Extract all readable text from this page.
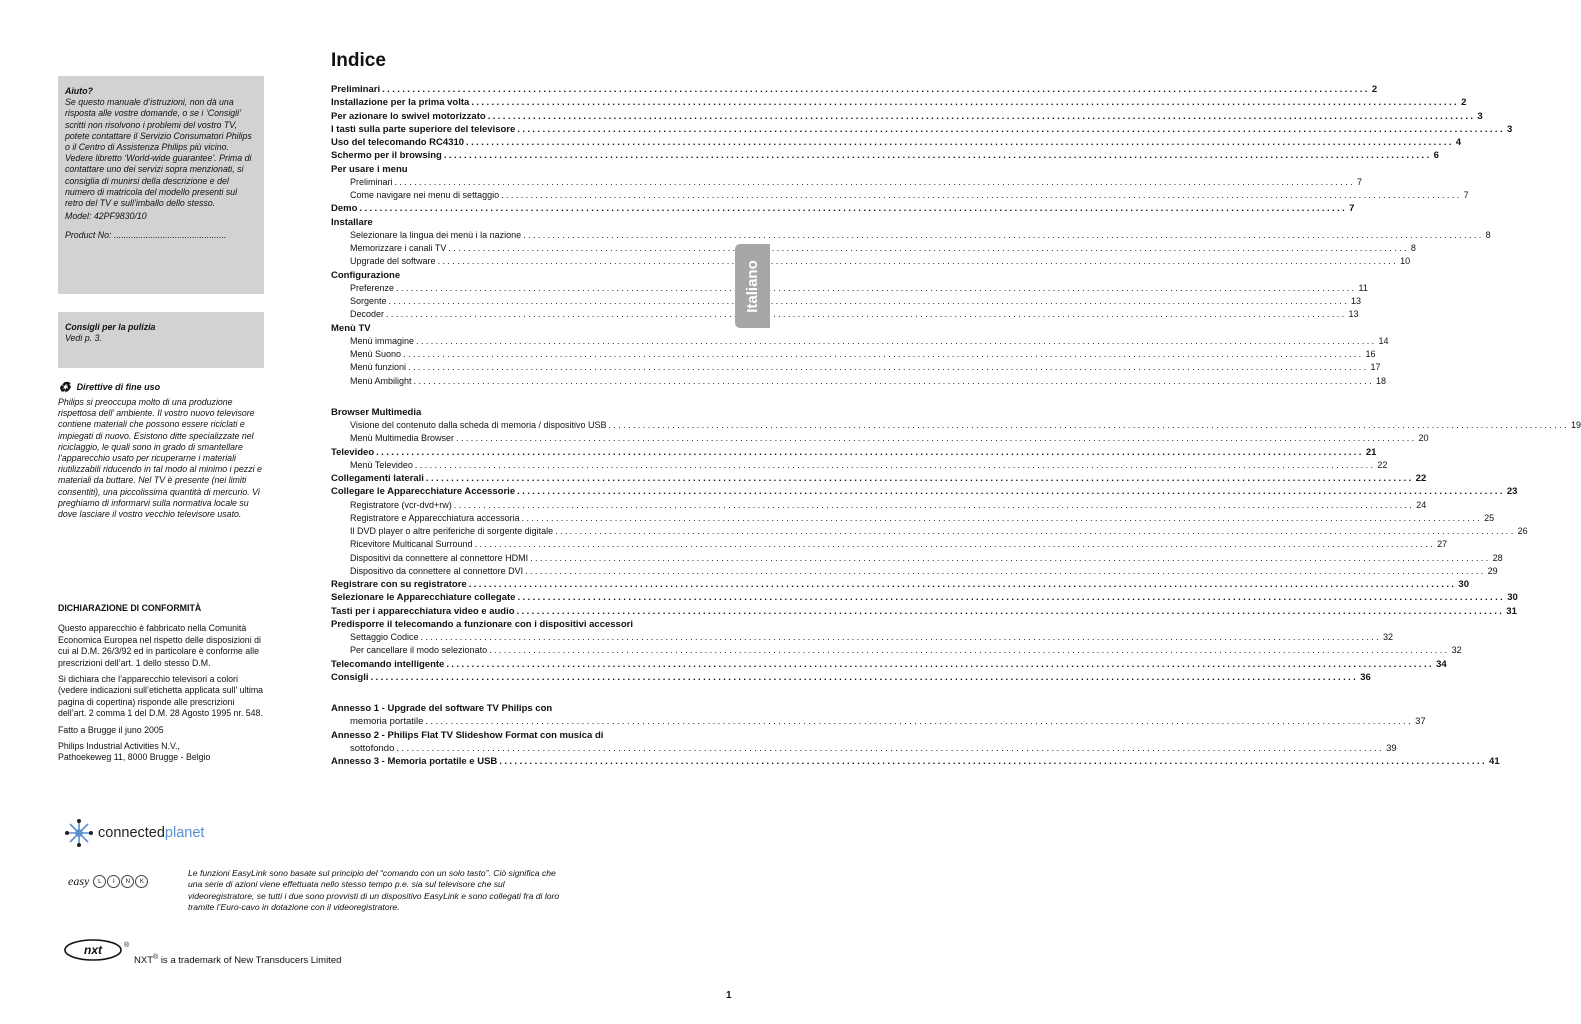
Aiuto?
Se questo manuale d’istruzioni, non dà una risposta alle vostre domande, o se i ‘Consigli’ scritti non risolvono i problemi del vostro TV, potete contattare il Servizio Consumatori Philips o il Centro di Assistenza Philips più vicino. Vedere libretto ‘World-wide guarantee’. Prima di contattare uno dei servizi sopra menzionati, si consiglia di munirsi della descrizione e del numero di matricola del modello presenti sul retro del TV e sull’imballo dello stesso.
Model: 42PF9830/10
Product No: ..............................................
Consigli per la pulizia
Vedi p. 3.
♻ Direttive di fine uso
Philips si preoccupa molto di una produzione rispettosa dell’ ambiente. Il vostro nuovo televisore contiene materiali che possono essere riciclati e impiegati di nuovo. Esistono ditte specializzate nel riciclaggio, le quali sono in grado di smantellare l’apparecchio usato per ricuperarne i materiali riutilizzabili riducendo in tal modo al minimo i pezzi e materiali da buttare. Nel TV è presente (nei limiti consentiti), una piccolissima quantità di mercurio. Vi preghiamo di informarvi sulla normativa locale su dove lasciare il vostro vecchio televisore usato.

DICHIARAZIONE DI CONFORMITÀ

Questo apparecchio è fabbricato nella Comunità Economica Europea nel rispetto delle disposizioni di cui al D.M. 26/3/92 ed in particolare è conforme alle prescrizioni dell’art. 1 dello stesso D.M.

Si dichiara che l’apparecchio televisori a colori (vedere indicazioni sull’etichetta applicata sull’ ultima pagina di copertina) risponde alle prescrizioni dell’art. 2 comma 1 del D.M. 28 Agosto 1995 nr. 548.

Fatto a Brugge il juno 2005

Philips Industrial Activities N.V.,

Pathoekeweg 11, 8000 Brugge - Belgio

Indice
Preliminari .....	2
Installazione per la prima volta .....	2
Per azionare lo swivel motorizzato .....	3
I tasti sulla parte superiore del televisore .....	3
Uso del telecomando RC4310 .....	4
Schermo per il browsing .....	6
Per usare i menu
Preliminari .....	7
Come navigare nei menu di settaggio .....	7
Demo .....	7
Installare
Selezionare la lingua dei menù i la nazione .....	8
Memorizzare i canali TV .....	8
Upgrade del software .....	10
Configurazione
Preferenze .....	11
Sorgente .....	13
Decoder .....	13
Menù TV
Menù immagine .....	14
Menù Suono .....	16
Menù funzioni .....	17
Menù Ambilight .....	18
Browser Multimedia
Visione del contenuto dalla scheda di memoria / dispositivo USB .....	19
Menù Multimedia Browser .....	20
Televideo .....	21
Menù Televideo .....	22
Collegamenti laterali .....	22
Collegare le Apparecchiature Accessorie .....	23
Registratore (vcr-dvd+rw) .....	24
Registratore e Apparecchiatura accessoria .....	25
Il DVD player o altre periferiche di sorgente digitale .....	26
Ricevitore Multicanal Surround .....	27
Dispositivi da connettere al connettore HDMI .....	28
Dispositivo da connettere al connettore DVI .....	29
Registrare con su registratore .....	30
Selezionare le Apparecchiature collegate .....	30
Tasti per i apparecchiatura video e audio .....	31
Predisporre il telecomando a funzionare con i dispositivi accessori
Settaggio Codice .....	32
Per cancellare il modo selezionato .....	32
Telecomando intelligente .....	34
Consigli .....	36
Annesso 1 - Upgrade del software TV Philips con
memoria portatile .....	37
Annesso 2 - Philips Flat TV Slideshow Format con musica di
sottofondo .....	39
Annesso 3 - Memoria portatile e USB .....	41
Italiano
connectedplanet
easy	L	I	N	K
Le funzioni EasyLink sono basate sul principio del “comando con un solo tasto”. Ciò significa che una serie di azioni viene effettuata nello stesso tempo p.e. sia sul televisore che sul videoregistratore, se tutti i due sono provvisti di un dispositivo EasyLink e sono collegati fra di loro tramite l’Euro-cavo in dotazione con il videoregistratore.
nxt	®
NXT® is a trademark of New Transducers Limited
1
